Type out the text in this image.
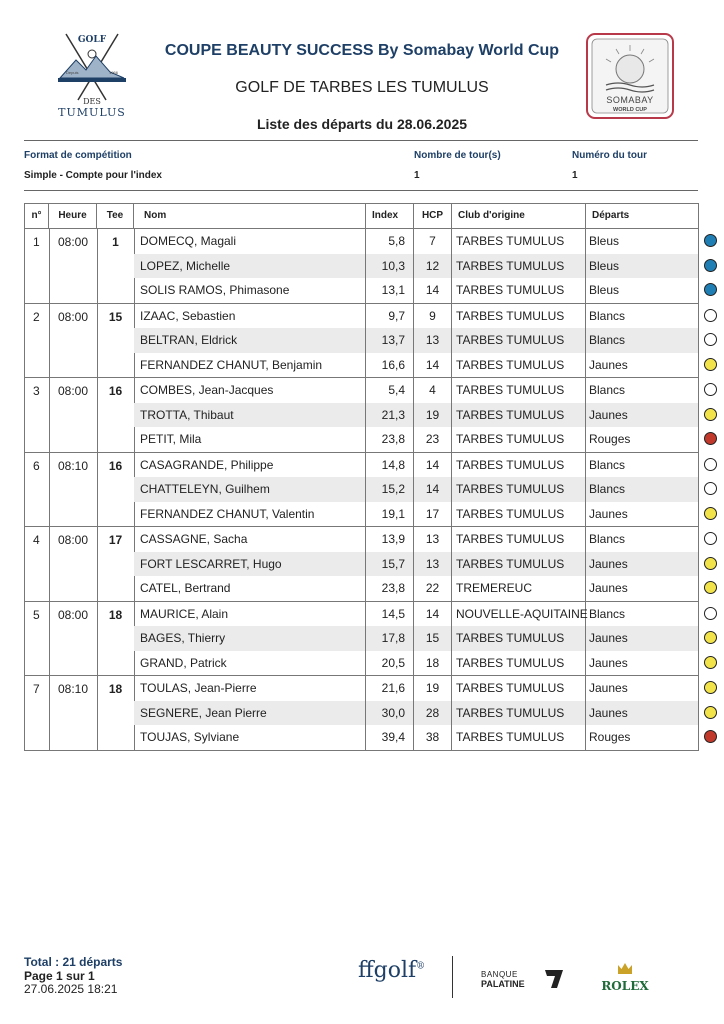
GOLF
Depuis	1966
DES
TUMULUS
COUPE BEAUTY SUCCESS By Somabay World Cup
GOLF DE TARBES LES TUMULUS
Liste des départs du 28.06.2025
SOMABAY
WORLD CUP
Format de compétition	Nombre de tour(s)	Numéro du tour
Simple - Compte pour l'index	1	1
n°	Heure	Tee	Nom	Index	HCP	Club d'origine	Départs
1 08:00	1	DOMECQ, Magali	5,8	7	TARBES TUMULUS	Bleus
LOPEZ, Michelle	10,3	12	TARBES TUMULUS	Bleus
SOLIS RAMOS, Phimasone	13,1	14	TARBES TUMULUS	Bleus
2 08:00	15	IZAAC, Sebastien	9,7	9	TARBES TUMULUS	Blancs
BELTRAN, Eldrick	13,7	13	TARBES TUMULUS	Blancs
FERNANDEZ CHANUT, Benjamin	16,6	14	TARBES TUMULUS	Jaunes
3 08:00	16	COMBES, Jean-Jacques	5,4	4	TARBES TUMULUS	Blancs
TROTTA, Thibaut	21,3	19	TARBES TUMULUS	Jaunes
PETIT, Mila	23,8	23	TARBES TUMULUS	Rouges
6 08:10	16	CASAGRANDE, Philippe	14,8	14	TARBES TUMULUS	Blancs
CHATTELEYN, Guilhem	15,2	14	TARBES TUMULUS	Blancs
FERNANDEZ CHANUT, Valentin	19,1	17	TARBES TUMULUS	Jaunes
4 08:00	17	CASSAGNE, Sacha	13,9	13	TARBES TUMULUS	Blancs
FORT LESCARRET, Hugo	15,7	13	TARBES TUMULUS	Jaunes
CATEL, Bertrand	23,8	22	TREMEREUC	Jaunes
5 08:00	18	MAURICE, Alain	14,5	14	NOUVELLE-AQUITAINE Blancs
BAGES, Thierry	17,8	15	TARBES TUMULUS	Jaunes
GRAND, Patrick	20,5	18	TARBES TUMULUS	Jaunes
7 08:10	18	TOULAS, Jean-Pierre	21,6	19	TARBES TUMULUS	Jaunes
SEGNERE, Jean Pierre	30,0	28	TARBES TUMULUS	Jaunes
TOUJAS, Sylviane	39,4	38	TARBES TUMULUS	Rouges
Total : 21 départs
Page 1 sur 1
27.06.2025 18:21
ffgolf®
BANQUE
PALATINE	ROLEX
